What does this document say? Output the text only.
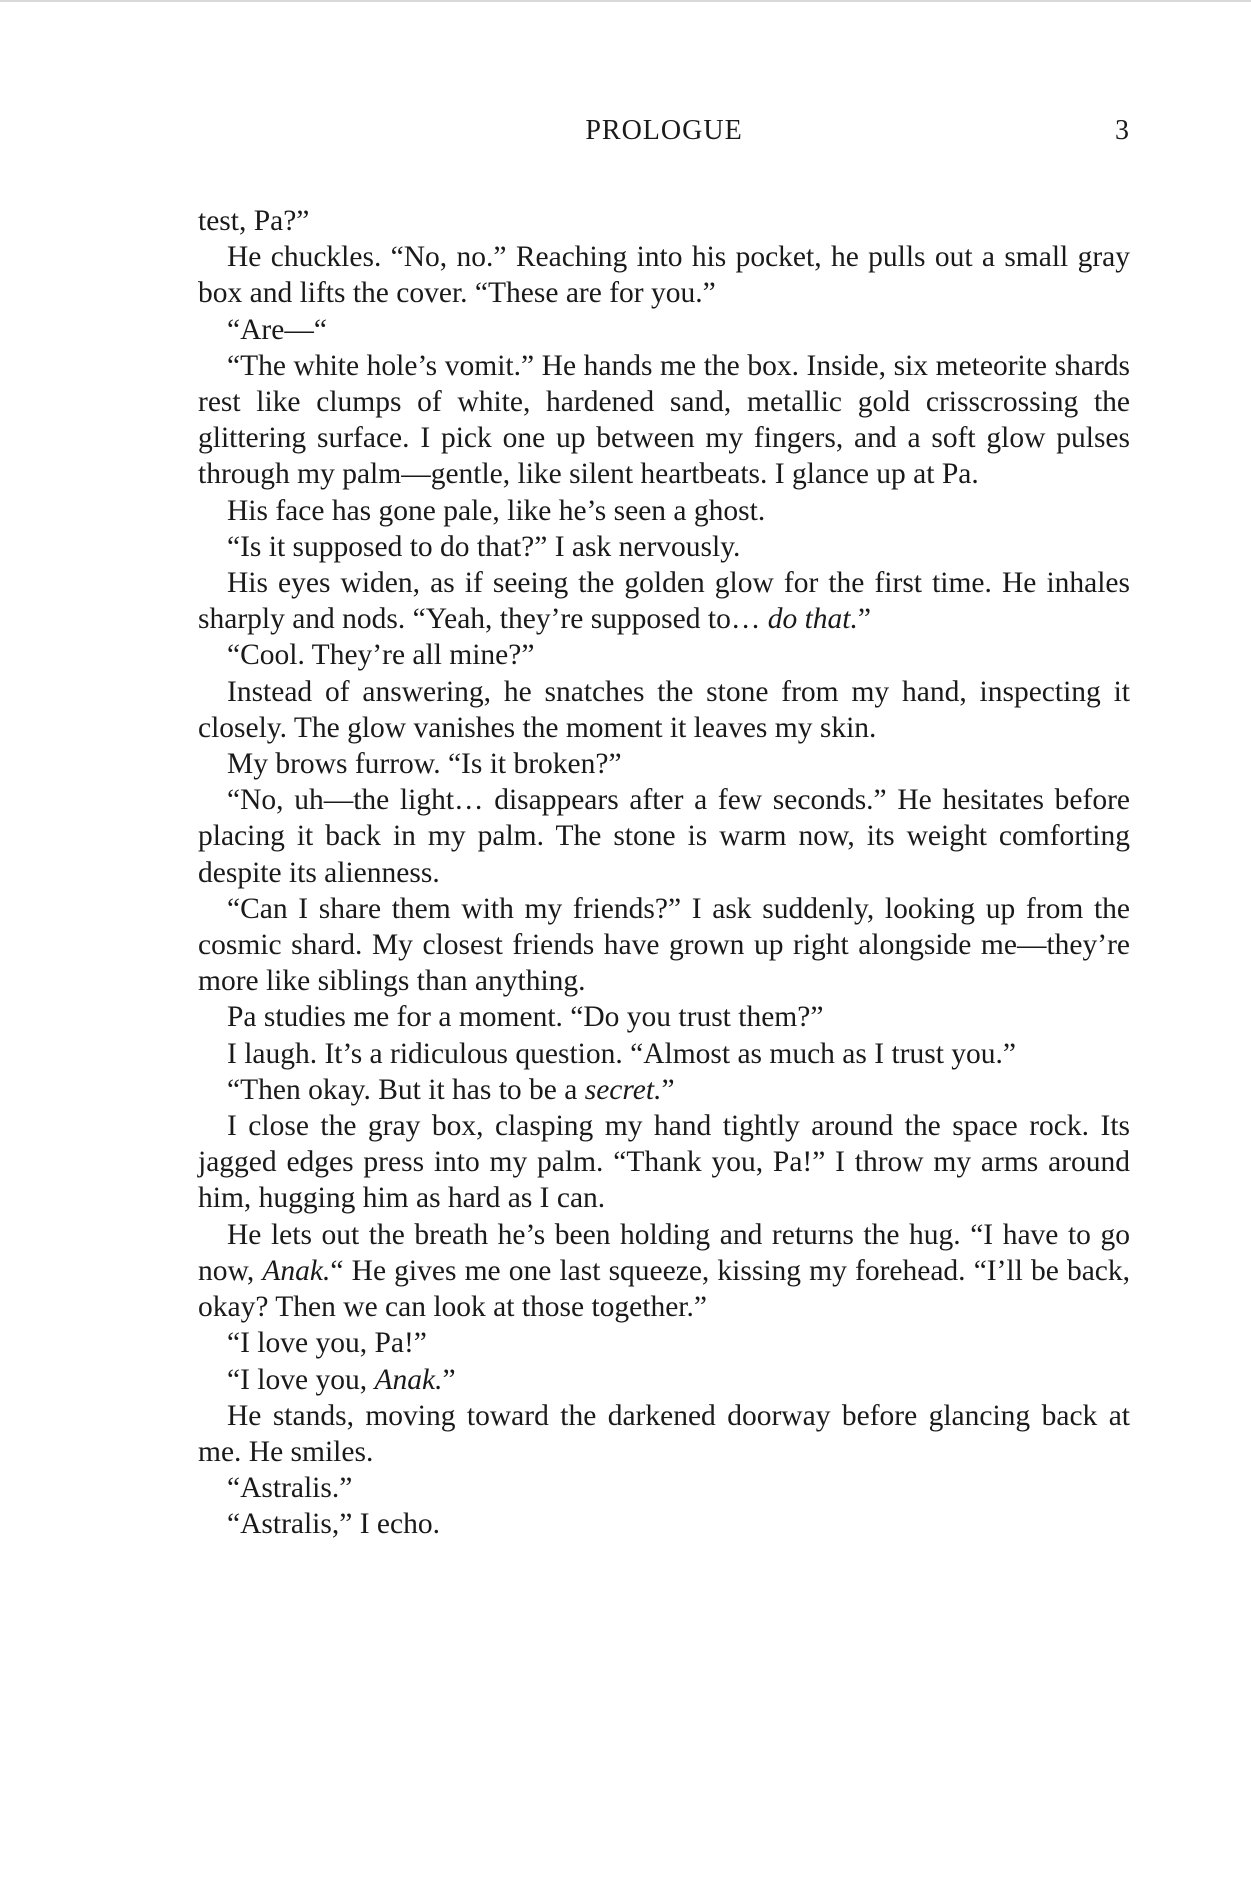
PROLOGUE	3

test, Pa?”

He chuckles. “No, no.” Reaching into his pocket, he pulls out a small gray box and lifts the cover. “These are for you.”

“Are—“

“The white hole’s vomit.” He hands me the box. Inside, six meteorite shards rest like clumps of white, hardened sand, metallic gold crisscrossing the glittering surface. I pick one up between my fingers, and a soft glow pulses through my palm—gentle, like silent heartbeats. I glance up at Pa.

His face has gone pale, like he’s seen a ghost.

“Is it supposed to do that?” I ask nervously.

His eyes widen, as if seeing the golden glow for the first time. He inhales sharply and nods. “Yeah, they’re supposed to… do that.”

“Cool. They’re all mine?”

Instead of answering, he snatches the stone from my hand, inspecting it closely. The glow vanishes the moment it leaves my skin.

My brows furrow. “Is it broken?”

“No, uh—the light… disappears after a few seconds.” He hesitates before placing it back in my palm. The stone is warm now, its weight comforting despite its alienness.

“Can I share them with my friends?” I ask suddenly, looking up from the cosmic shard. My closest friends have grown up right alongside me—they’re more like siblings than anything.

Pa studies me for a moment. “Do you trust them?”

I laugh. It’s a ridiculous question. “Almost as much as I trust you.”

“Then okay. But it has to be a secret.”

I close the gray box, clasping my hand tightly around the space rock. Its jagged edges press into my palm. “Thank you, Pa!” I throw my arms around him, hugging him as hard as I can.

He lets out the breath he’s been holding and returns the hug. “I have to go now, Anak.“ He gives me one last squeeze, kissing my forehead. “I’ll be back, okay? Then we can look at those together.”

“I love you, Pa!”

“I love you, Anak.”

He stands, moving toward the darkened doorway before glancing back at me. He smiles.

“Astralis.”

“Astralis,” I echo.
